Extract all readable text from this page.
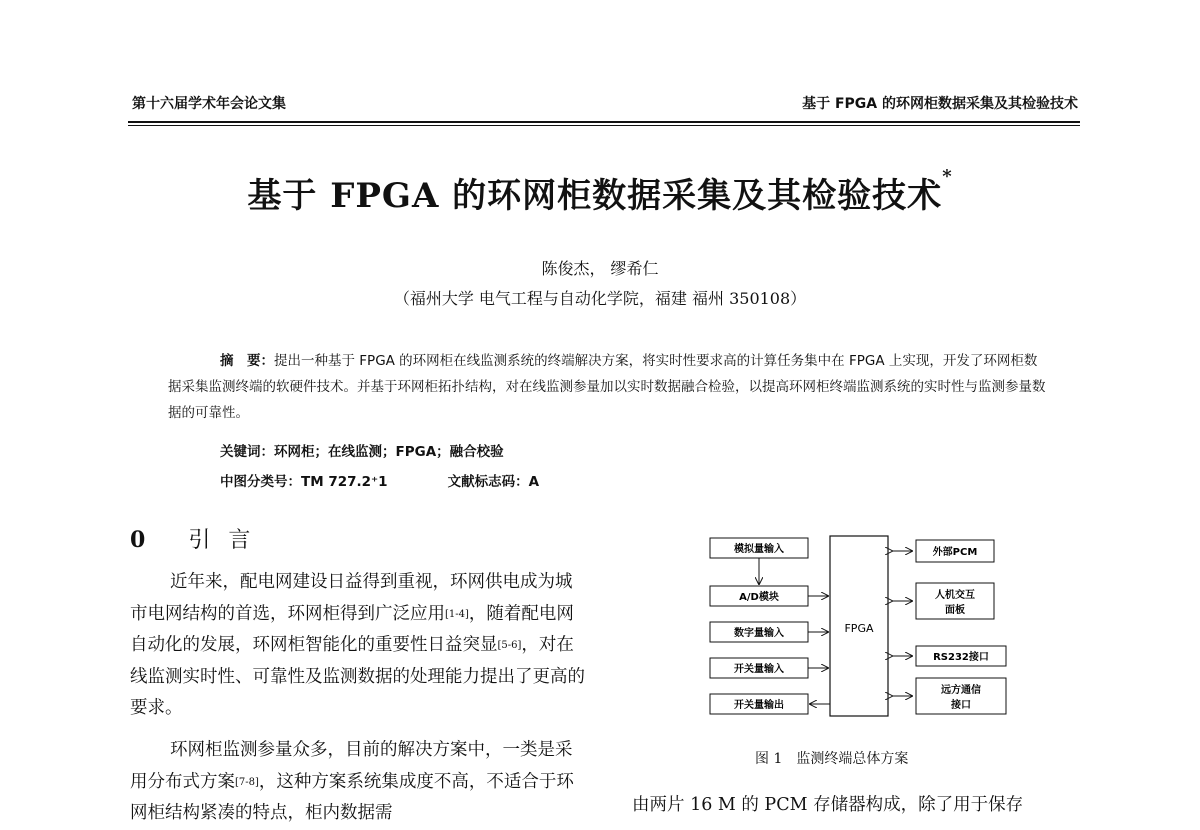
第十六届学术年会论文集	基于 FPGA 的环网柜数据采集及其检验技术
基于 FPGA 的环网柜数据采集及其检验技术*
陈俊杰， 缪希仁
（福州大学 电气工程与自动化学院，福建 福州 350108）
摘　要：提出一种基于 FPGA 的环网柜在线监测系统的终端解决方案，将实时性要求高的计算任务集中在 FPGA 上实现，开发了环网柜数据采集监测终端的软硬件技术。并基于环网柜拓扑结构，对在线监测参量加以实时数据融合检验，以提高环网柜终端监测系统的实时性与监测参量数据的可靠性。
关键词：环网柜；在线监测；FPGA；融合校验
中图分类号：TM 727.2⁺1	文献标志码：A
0 引言
近年来，配电网建设日益得到重视，环网供电成为城市电网结构的首选，环网柜得到广泛应用[1-4]，随着配电网自动化的发展，环网柜智能化的重要性日益突显[5-6]，对在线监测实时性、可靠性及监测数据的处理能力提出了更高的要求。
环网柜监测参量众多，目前的解决方案中，一类是采用分布式方案[7-8]，这种方案系统集成度不高，不适合于环网柜结构紧凑的特点，柜内数据需
FPGA
模拟量输入
A/D模块
数字量输入
开关量输入
开关量输出
外部PCM
人机交互
面板
RS232接口
远方通信
接口
图 1　监测终端总体方案
由两片 16 M 的 PCM 存储器构成，除了用于保存
